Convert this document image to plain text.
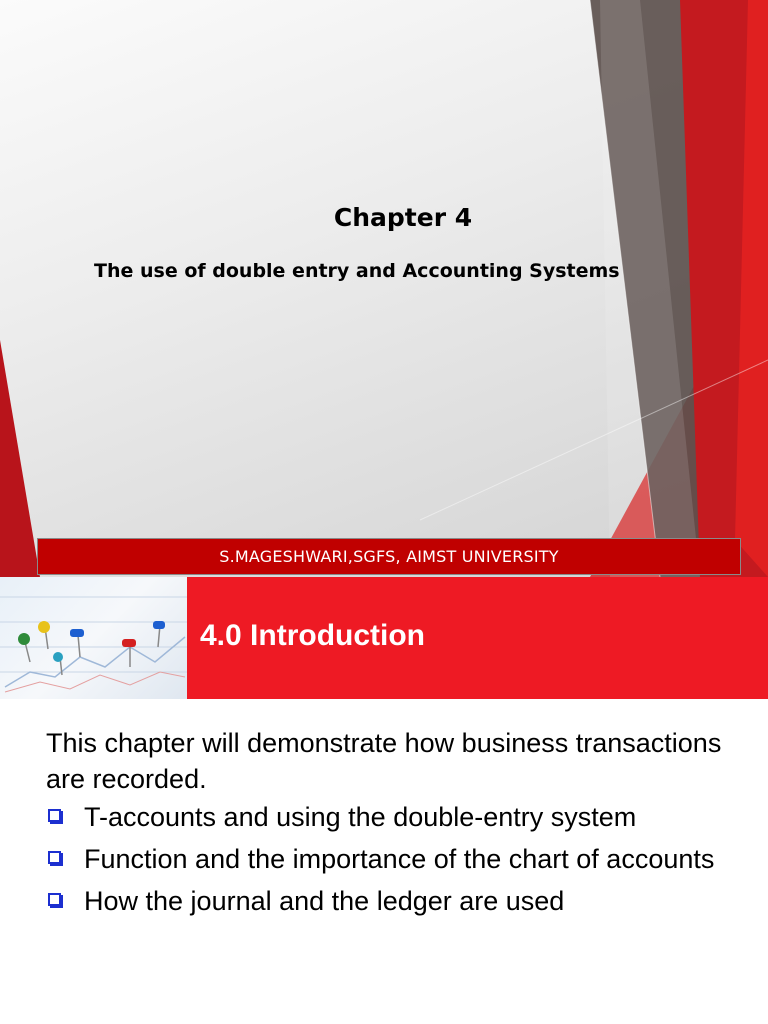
Chapter 4
The use of double entry and Accounting Systems
S.MAGESHWARI,SGFS, AIMST UNIVERSITY
4.0 Introduction
This chapter will demonstrate how business transactions are recorded.
T-accounts and using the double-entry system
Function and the importance of the chart of accounts
How the journal and the ledger are used
